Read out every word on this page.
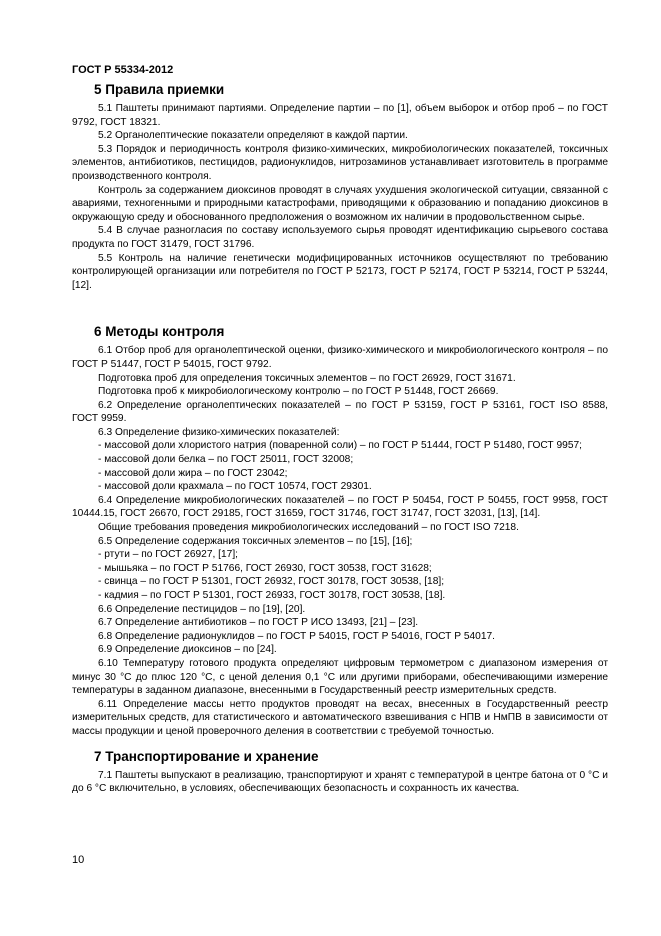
ГОСТ Р 55334-2012
5 Правила приемки

5.1 Паштеты принимают партиями. Определение партии – по [1], объем выборок и отбор проб – по ГОСТ 9792, ГОСТ 18321.

5.2 Органолептические показатели определяют в каждой партии.

5.3 Порядок и периодичность контроля физико-химических, микробиологических показателей, токсичных элементов, антибиотиков, пестицидов, радионуклидов, нитрозаминов устанавливает изготовитель в программе производственного контроля.

Контроль за содержанием диоксинов проводят в случаях ухудшения экологической ситуации, связанной с авариями, техногенными и природными катастрофами, приводящими к образованию и попаданию диоксинов в окружающую среду и обоснованного предположения о возможном их наличии в продовольственном сырье.

5.4 В случае разногласия по составу используемого сырья проводят идентификацию сырьевого состава продукта по ГОСТ 31479, ГОСТ 31796.

5.5 Контроль на наличие генетически модифицированных источников осуществляют по требованию контролирующей организации или потребителя по ГОСТ Р 52173, ГОСТ Р 52174, ГОСТ Р 53214, ГОСТ Р 53244, [12].

6 Методы контроля

6.1 Отбор проб для органолептической оценки, физико-химического и микробиологического контроля – по ГОСТ Р 51447, ГОСТ Р 54015, ГОСТ 9792.

Подготовка проб для определения токсичных элементов – по ГОСТ 26929, ГОСТ 31671.

Подготовка проб к микробиологическому контролю – по ГОСТ Р 51448, ГОСТ 26669.

6.2 Определение органолептических показателей – по ГОСТ Р 53159, ГОСТ Р 53161, ГОСТ ISO 8588, ГОСТ 9959.

6.3 Определение физико-химических показателей:

- массовой доли хлористого натрия (поваренной соли) – по ГОСТ Р 51444, ГОСТ Р 51480, ГОСТ 9957;

- массовой доли белка – по ГОСТ 25011, ГОСТ 32008;

- массовой доли жира – по ГОСТ 23042;

- массовой доли крахмала – по ГОСТ 10574, ГОСТ 29301.

6.4 Определение микробиологических показателей – по ГОСТ Р 50454, ГОСТ Р 50455, ГОСТ 9958, ГОСТ 10444.15, ГОСТ 26670, ГОСТ 29185, ГОСТ 31659, ГОСТ 31746, ГОСТ 31747, ГОСТ 32031, [13], [14].

Общие требования проведения микробиологических исследований – по ГОСТ ISO 7218.

6.5 Определение содержания токсичных элементов – по [15], [16];

- ртути – по ГОСТ 26927, [17];

- мышьяка – по ГОСТ Р 51766, ГОСТ 26930, ГОСТ 30538, ГОСТ 31628;

- свинца – по ГОСТ Р 51301, ГОСТ 26932, ГОСТ 30178, ГОСТ 30538, [18];

- кадмия – по ГОСТ Р 51301, ГОСТ 26933, ГОСТ 30178, ГОСТ 30538, [18].

6.6 Определение пестицидов – по [19], [20].

6.7 Определение антибиотиков – по ГОСТ Р ИСО 13493, [21] – [23].

6.8 Определение радионуклидов – по ГОСТ Р 54015, ГОСТ Р 54016, ГОСТ Р 54017.

6.9 Определение диоксинов – по [24].

6.10 Температуру готового продукта определяют цифровым термометром с диапазоном измерения от минус 30 °С до плюс 120 °С, с ценой деления 0,1 °С или другими приборами, обеспечивающими измерение температуры в заданном диапазоне, внесенными в Государственный реестр измерительных средств.

6.11 Определение массы нетто продуктов проводят на весах, внесенных в Государственный реестр измерительных средств, для статистического и автоматического взвешивания с НПВ и НмПВ в зависимости от массы продукции и ценой проверочного деления в соответствии с требуемой точностью.

7 Транспортирование и хранение

7.1 Паштеты выпускают в реализацию, транспортируют и хранят с температурой в центре батона от 0 °С и до 6 °С включительно, в условиях, обеспечивающих безопасность и сохранность их качества.

10
